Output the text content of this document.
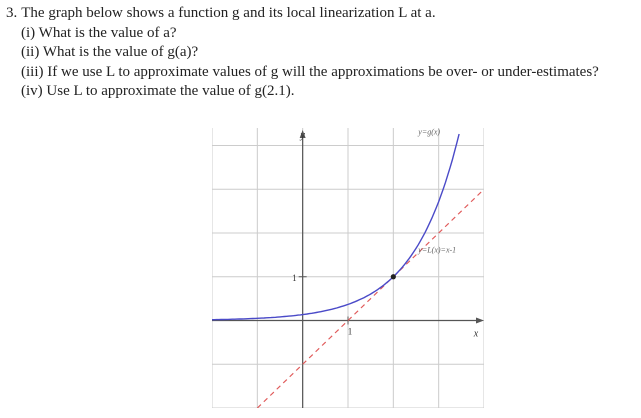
3. The graph below shows a function g and its local linearization L at a.

(i) What is the value of a?
(ii) What is the value of g(a)?
(iii) If we use L to approximate values of g will the approximations be over- or under-estimates?
(iv) Use L to approximate the value of g(2.1).
y
x
1
1
y=g(x)
y=L(x)=x-1
